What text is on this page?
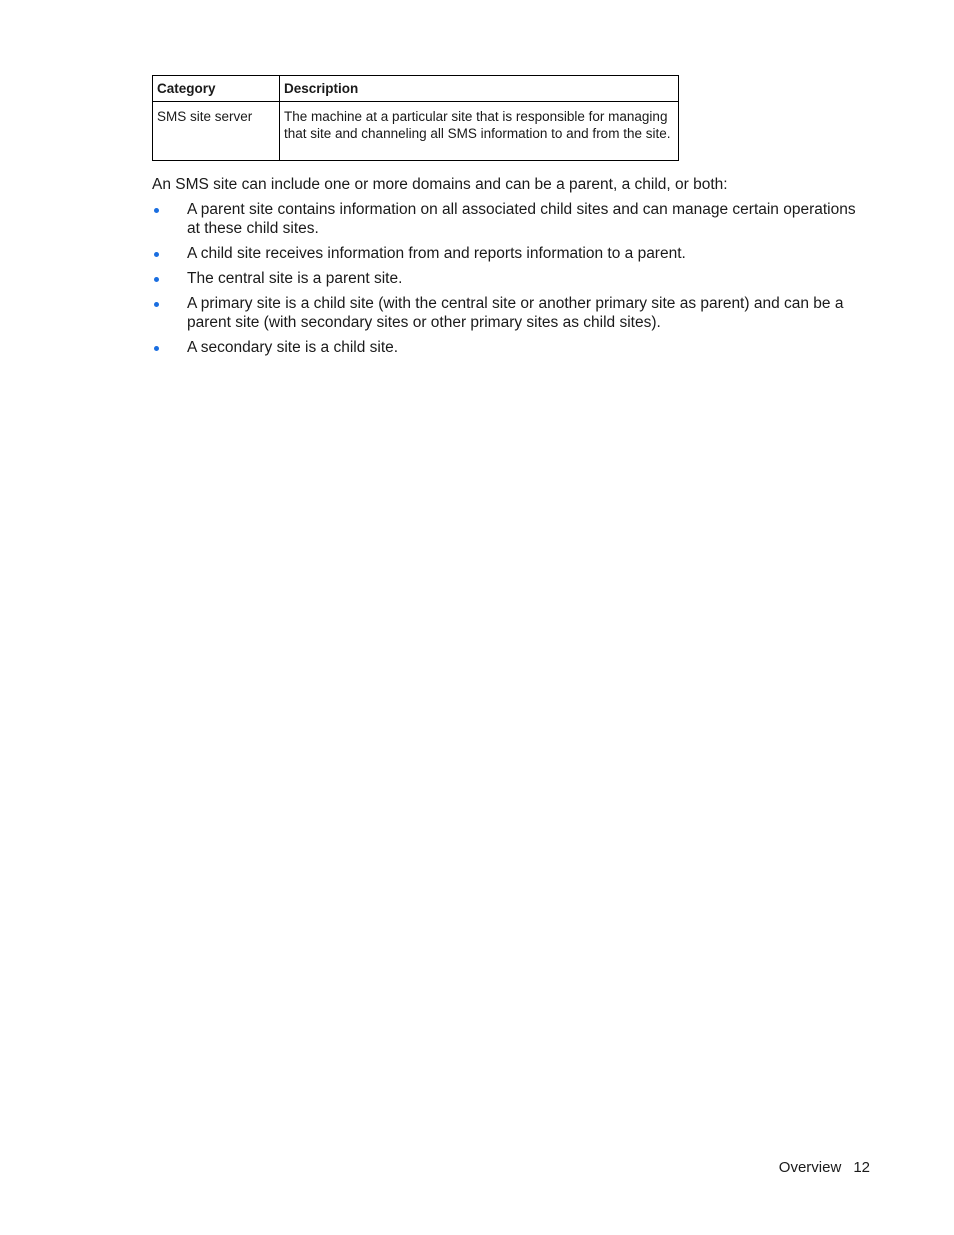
Category	Description
SMS site server	The machine at a particular site that is responsible for managing that site and channeling all SMS information to and from the site.

An SMS site can include one or more domains and can be a parent, a child, or both:

A parent site contains information on all associated child sites and can manage certain operations at these child sites.
A child site receives information from and reports information to a parent.
The central site is a parent site.
A primary site is a child site (with the central site or another primary site as parent) and can be a parent site (with secondary sites or other primary sites as child sites).
A secondary site is a child site.
Overview 12
